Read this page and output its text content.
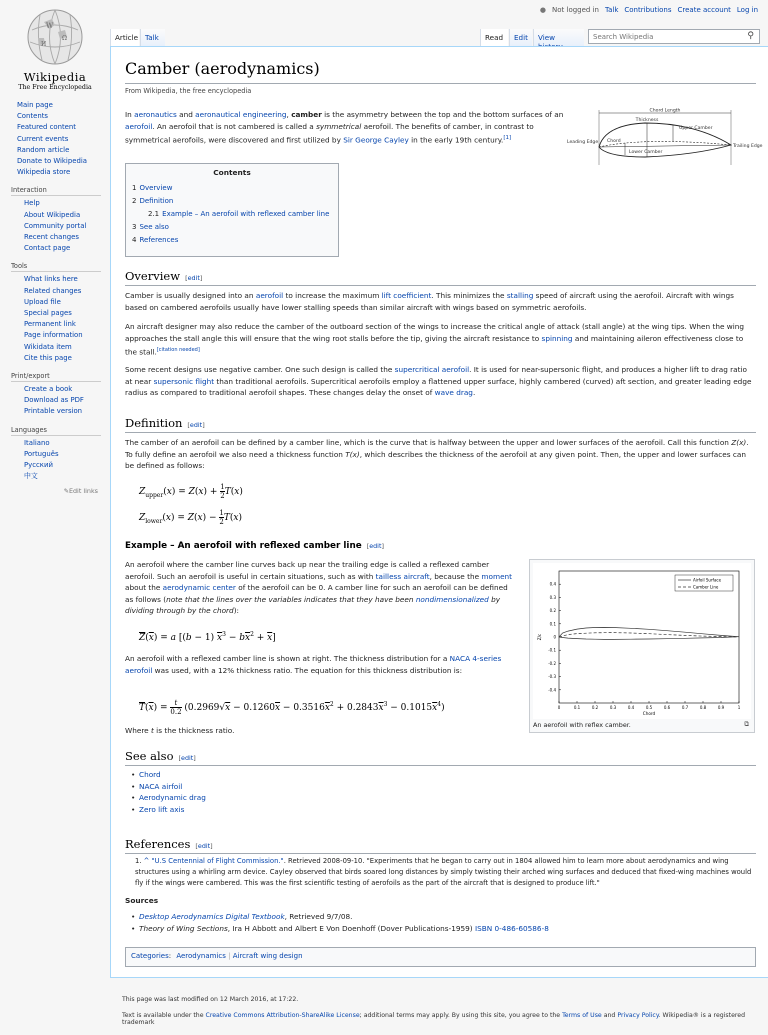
● Not logged in Talk Contributions Create account Log in
W
Ω
И
Wikipedia
The Free Encyclopedia
Main page
Contents
Featured content
Current events
Random article
Donate to Wikipedia
Wikipedia store
Interaction
Help
About Wikipedia
Community portal
Recent changes
Contact page
Tools
What links here
Related changes
Upload file
Special pages
Permanent link
Page information
Wikidata item
Cite this page
Print/export
Create a book
Download as PDF
Printable version
Languages
Italiano
Português
Русский
中文
✎Edit links
Article Talk	Read	Edit	View
Search Wikipedia	⚲
Camber (aerodynamics)
From Wikipedia, the free encyclopedia

In aeronautics and aeronautical engineering, camber is the asymmetry between the top and the bottom surfaces of an aerofoil. An aerofoil that is not cambered is called a symmetrical aerofoil. The benefits of camber, in contrast to symmetrical aerofoils, were discovered and first utilized by Sir George Cayley in the early 19th century.[1]

Chord Length
Thickness
Upper Camber
Lower Camber
Chord
Leading Edge
Trailing Edge
Contents
1 Overview
2 Definition
2.1 Example – An aerofoil with reflexed camber line
3 See also
4 References
Overview [edit]

Camber is usually designed into an aerofoil to increase the maximum lift coefficient. This minimizes the stalling speed of aircraft using the aerofoil. Aircraft with wings based on cambered aerofoils usually have lower stalling speeds than similar aircraft with wings based on symmetric aerofoils.

An aircraft designer may also reduce the camber of the outboard section of the wings to increase the critical angle of attack (stall angle) at the wing tips. When the wing approaches the stall angle this will ensure that the wing root stalls before the tip, giving the aircraft resistance to spinning and maintaining aileron effectiveness close to the stall.[citation needed]

Some recent designs use negative camber. One such design is called the supercritical aerofoil. It is used for near-supersonic flight, and produces a higher lift to drag ratio at near supersonic flight than traditional aerofoils. Supercritical aerofoils employ a flattened upper surface, highly cambered (curved) aft section, and greater leading edge radius as compared to traditional aerofoil shapes. These changes delay the onset of wave drag.

Definition [edit]

The camber of an aerofoil can be defined by a camber line, which is the curve that is halfway between the upper and lower surfaces of the aerofoil. Call this function Z(x). To fully define an aerofoil we also need a thickness function T(x), which describes the thickness of the aerofoil at any given point. Then, the upper and lower surfaces can be defined as follows:

$Z_{upper}(x) = Z(x) + 1$

2 T(x)
$Z_{lower}(x) = Z(x) - 1$

2 T(x)
Example – An aerofoil with reflexed camber line [edit]

An aerofoil where the camber line curves back up near the trailing edge is called a reflexed camber aerofoil. Such an aerofoil is useful in certain situations, such as with tailless aircraft, because the moment about the aerodynamic center of the aerofoil can be 0. A camber line for such an aerofoil can be defined as follows (note that the lines over the variables indicates that they have been nondimensionalized by dividing through by the chord):

$\overline{Z}(\overline{x}) = a$ [(b − 1) $\overline{x}^3 - b\overline{x}^2 + \overline{x}$]

An aerofoil with a reflexed camber line is shown at right. The thickness distribution for a NACA 4-series aerofoil was used, with a 12% thickness ratio. The equation for this thickness distribution is:

$\overline{T}(\overline{x}) = \frac{t}{0.2} (0.2969√x - 0.1260\overline{x} - 0.3516\overline{x}^2 + 0.2843\overline{x}^3 - 0.1015\overline{x}^4)$

Where t is the thickness ratio.

0	0.1	0.2	0.3	0.4	0.5	0.6	0.7	0.8	0.9	1
0.4
0.3
0.2
0.1
0
-0.1
-0.2
-0.3
-0.4
Chord
Z/c
Airfoil Surface
Camber Line
An aerofoil with reflex camber.	⧉
See also [edit]
• Chord
• NACA airfoil
• Aerodynamic drag
• Zero lift axis
References [edit]
1. ^ "U.S Centennial of Flight Commission.". Retrieved 2008-09-10. "Experiments that he began to carry out in 1804 allowed him to learn more about aerodynamics and wing structures using a whirling arm device. Cayley observed that birds soared long distances by simply twisting their arched wing surfaces and deduced that fixed-wing machines would fly if the wings were cambered. This was the first scientific testing of aerofoils as the part of the aircraft that is designed to produce lift."
Sources
• Desktop Aerodynamics Digital Textbook, Retrieved 9/7/08.
• Theory of Wing Sections, Ira H Abbott and Albert E Von Doenhoff (Dover Publications-1959) ISBN 0-486-60586-8
Categories: Aerodynamics | Aircraft wing design
This page was last modified on 12 March 2016, at 17:22.
Text is available under the Creative Commons Attribution-ShareAlike License; additional terms may apply. By using this site, you agree to the Terms of Use and Privacy Policy. Wikipedia® is a registered trademark
